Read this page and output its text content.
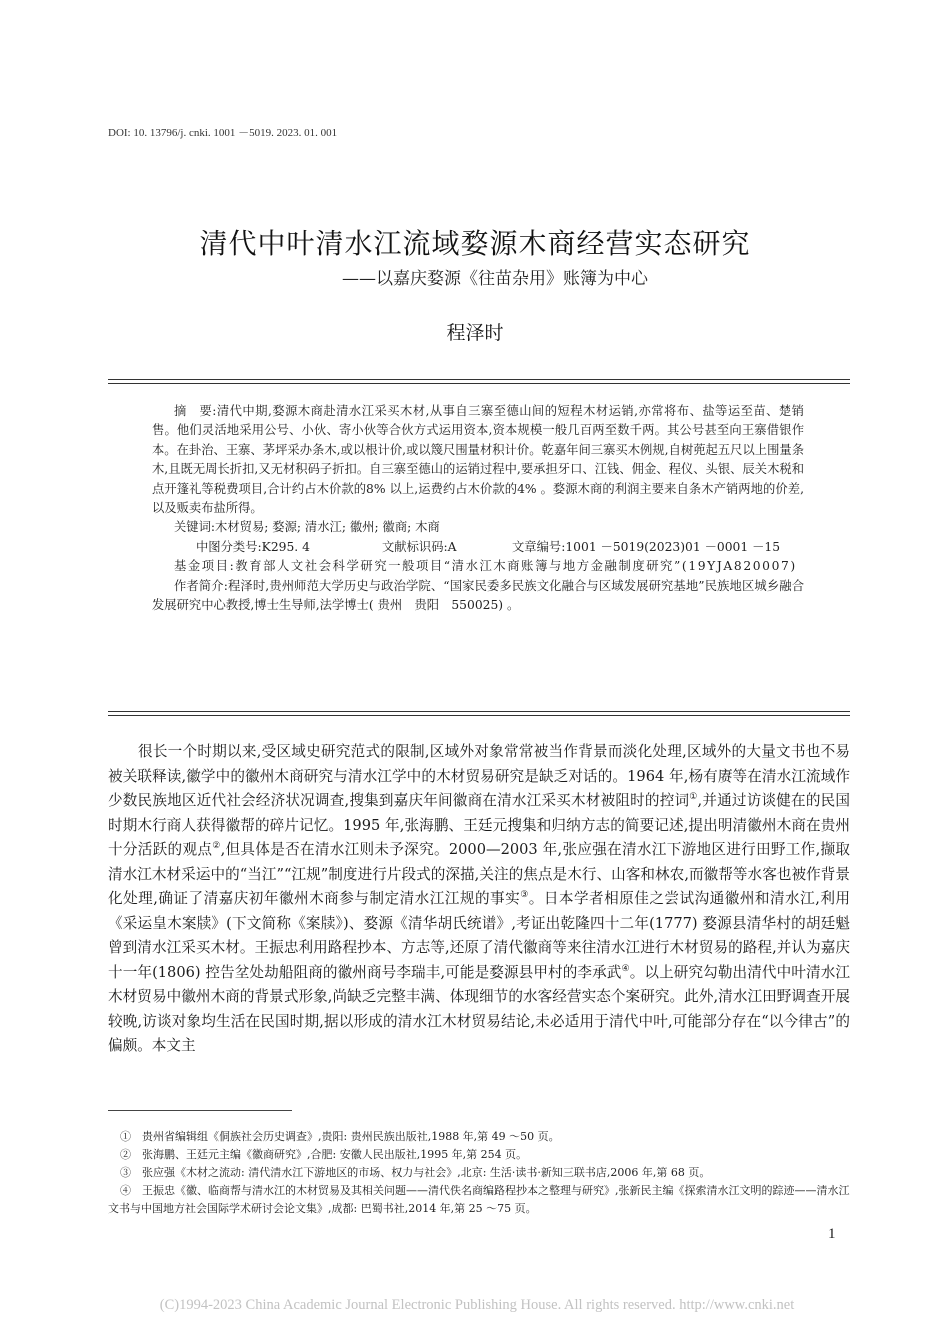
DOI: 10. 13796/j. cnki. 1001 －5019. 2023. 01. 001
清代中叶清水江流域婺源木商经营实态研究
——以嘉庆婺源《往苗杂用》账簿为中心
程泽时

摘　要:清代中期,婺源木商赴清水江采买木材,从事自三寨至德山间的短程木材运销,亦常将布、盐等运至苗、楚销售。他们灵活地采用公号、小伙、寄小伙等合伙方式运用资本,资本规模一般几百两至数千两。其公号甚至向王寨借银作本。在卦治、王寨、茅坪采办条木,或以根计价,或以篾尺围量材积计价。乾嘉年间三寨买木例规,自树蔸起五尺以上围量条木,且既无周长折扣,又无材积码子折扣。自三寨至德山的运销过程中,要承担牙口、江钱、佣金、程仪、头银、辰关木税和点开篷礼等税费项目,合计约占木价款的8% 以上,运费约占木价款的4% 。婺源木商的利润主要来自条木产销两地的价差,以及贩卖布盐所得。

关键词:木材贸易; 婺源; 清水江; 徽州; 徽商; 木商

中图分类号:K295. 4	文献标识码:A	文章编号:1001 －5019(2023)01 －0001 －15

基金项目:教育部人文社会科学研究一般项目“清水江木商账簿与地方金融制度研究”(19YJA820007)

作者简介:程泽时,贵州师范大学历史与政治学院、“国家民委多民族文化融合与区域发展研究基地”民族地区城乡融合发展研究中心教授,博士生导师,法学博士( 贵州　贵阳　550025) 。

很长一个时期以来,受区域史研究范式的限制,区域外对象常常被当作背景而淡化处理,区域外的大量文书也不易被关联释读,徽学中的徽州木商研究与清水江学中的木材贸易研究是缺乏对话的。1964 年,杨有赓等在清水江流域作少数民族地区近代社会经济状况调查,搜集到嘉庆年间徽商在清水江采买木材被阻时的控词①,并通过访谈健在的民国时期木行商人获得徽帮的碎片记忆。1995 年,张海鹏、王廷元搜集和归纳方志的简要记述,提出明清徽州木商在贵州十分活跃的观点②,但具体是否在清水江则未予深究。2000—2003 年,张应强在清水江下游地区进行田野工作,撷取清水江木材采运中的“当江”“江规”制度进行片段式的深描,关注的焦点是木行、山客和林农,而徽帮等水客也被作背景化处理,确证了清嘉庆初年徽州木商参与制定清水江江规的事实③。日本学者相原佳之尝试沟通徽州和清水江,利用《采运皇木案牍》(下文简称《案牍》)、婺源《清华胡氏统谱》,考证出乾隆四十二年(1777) 婺源县清华村的胡廷魁曾到清水江采买木材。王振忠利用路程抄本、方志等,还原了清代徽商等来往清水江进行木材贸易的路程,并认为嘉庆十一年(1806) 控告坌处劫船阻商的徽州商号李瑞丰,可能是婺源县甲村的李承武④。以上研究勾勒出清代中叶清水江木材贸易中徽州木商的背景式形象,尚缺乏完整丰满、体现细节的水客经营实态个案研究。此外,清水江田野调查开展较晚,访谈对象均生活在民国时期,据以形成的清水江木材贸易结论,未必适用于清代中叶,可能部分存在“以今律古”的偏颇。本文主

①　贵州省编辑组《侗族社会历史调查》,贵阳: 贵州民族出版社,1988 年,第 49 ～50 页。

②　张海鹏、王廷元主编《徽商研究》,合肥: 安徽人民出版社,1995 年,第 254 页。

③　张应强《木材之流动: 清代清水江下游地区的市场、权力与社会》,北京: 生活·读书·新知三联书店,2006 年,第 68 页。

④　王振忠《徽、临商帮与清水江的木材贸易及其相关问题——清代佚名商编路程抄本之整理与研究》,张新民主编《探索清水江文明的踪迹——清水江文书与中国地方社会国际学术研讨会论文集》,成都: 巴蜀书社,2014 年,第 25 ～75 页。

1
(C)1994-2023 China Academic Journal Electronic Publishing House. All rights reserved. http://www.cnki.net
